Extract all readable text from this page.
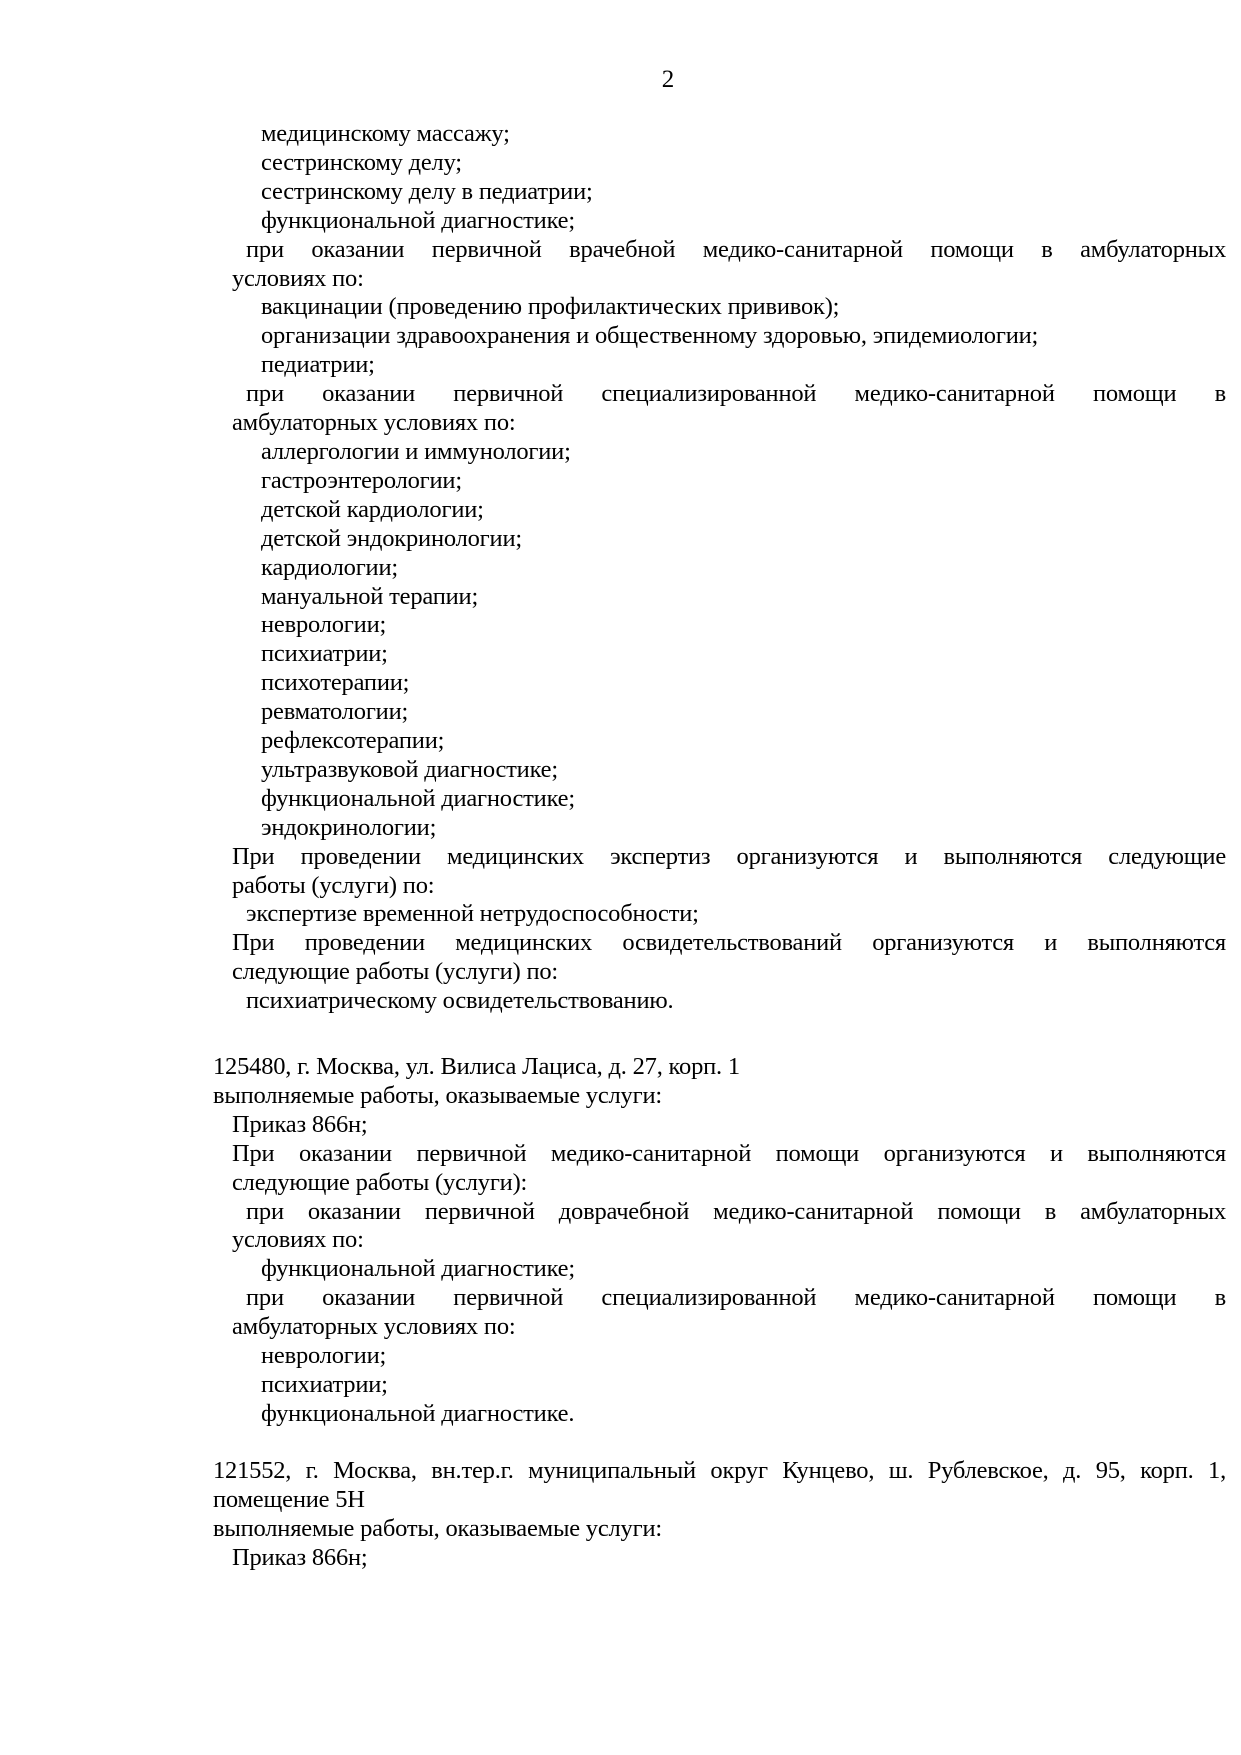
2
медицинскому массажу;
сестринскому делу;
сестринскому делу в педиатрии;
функциональной диагностике;
при оказании первичной врачебной медико-санитарной помощи в амбулаторных
условиях по:
вакцинации (проведению профилактических прививок);
организации здравоохранения и общественному здоровью, эпидемиологии;
педиатрии;
при оказании первичной специализированной медико-санитарной помощи в
амбулаторных условиях по:
аллергологии и иммунологии;
гастроэнтерологии;
детской кардиологии;
детской эндокринологии;
кардиологии;
мануальной терапии;
неврологии;
психиатрии;
психотерапии;
ревматологии;
рефлексотерапии;
ультразвуковой диагностике;
функциональной диагностике;
эндокринологии;
При проведении медицинских экспертиз организуются и выполняются следующие
работы (услуги) по:
экспертизе временной нетрудоспособности;
При проведении медицинских освидетельствований организуются и выполняются
следующие работы (услуги) по:
психиатрическому освидетельствованию.
125480, г. Москва, ул. Вилиса Лациса, д. 27, корп. 1
выполняемые работы, оказываемые услуги:
Приказ 866н;
При оказании первичной медико-санитарной помощи организуются и выполняются
следующие работы (услуги):
при оказании первичной доврачебной медико-санитарной помощи в амбулаторных
условиях по:
функциональной диагностике;
при оказании первичной специализированной медико-санитарной помощи в
амбулаторных условиях по:
неврологии;
психиатрии;
функциональной диагностике.
121552, г. Москва, вн.тер.г. муниципальный округ Кунцево, ш. Рублевское, д. 95, корп. 1,
помещение 5Н
выполняемые работы, оказываемые услуги:
Приказ 866н;
